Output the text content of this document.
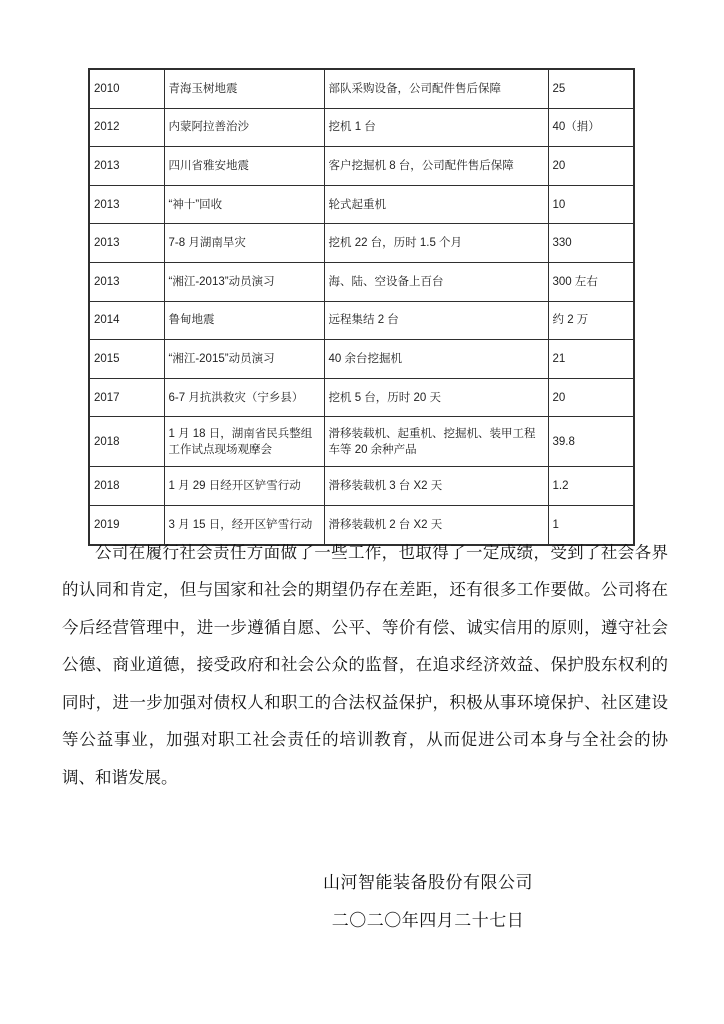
2010	青海玉树地震	部队采购设备，公司配件售后保障	25
2012	内蒙阿拉善治沙	挖机 1 台	40（捐）
2013	四川省雅安地震	客户挖掘机 8 台，公司配件售后保障	20
2013	“神十”回收	轮式起重机	10
2013	7-8 月湖南旱灾	挖机 22 台，历时 1.5 个月	330
2013	“湘江-2013”动员演习	海、陆、空设备上百台	300 左右
2014	鲁甸地震	远程集结 2 台	约 2 万
2015	“湘江-2015”动员演习	40 余台挖掘机	21
2017	6-7 月抗洪救灾（宁乡县）	挖机 5 台，历时 20 天	20
2018	1 月 18 日，湖南省民兵整组工作试点现场观摩会	滑移装载机、起重机、挖掘机、装甲工程车等 20 余种产品	39.8
2018	1 月 29 日经开区铲雪行动	滑移装载机 3 台 X2 天	1.2
2019	3 月 15 日，经开区铲雪行动	滑移装载机 2 台 X2 天	1

公司在履行社会责任方面做了一些工作，也取得了一定成绩，受到了社会各界的认同和肯定，但与国家和社会的期望仍存在差距，还有很多工作要做。公司将在今后经营管理中，进一步遵循自愿、公平、等价有偿、诚实信用的原则，遵守社会公德、商业道德，接受政府和社会公众的监督，在追求经济效益、保护股东权利的同时，进一步加强对债权人和职工的合法权益保护，积极从事环境保护、社区建设等公益事业，加强对职工社会责任的培训教育，从而促进公司本身与全社会的协调、和谐发展。

山河智能装备股份有限公司
二〇二〇年四月二十七日
